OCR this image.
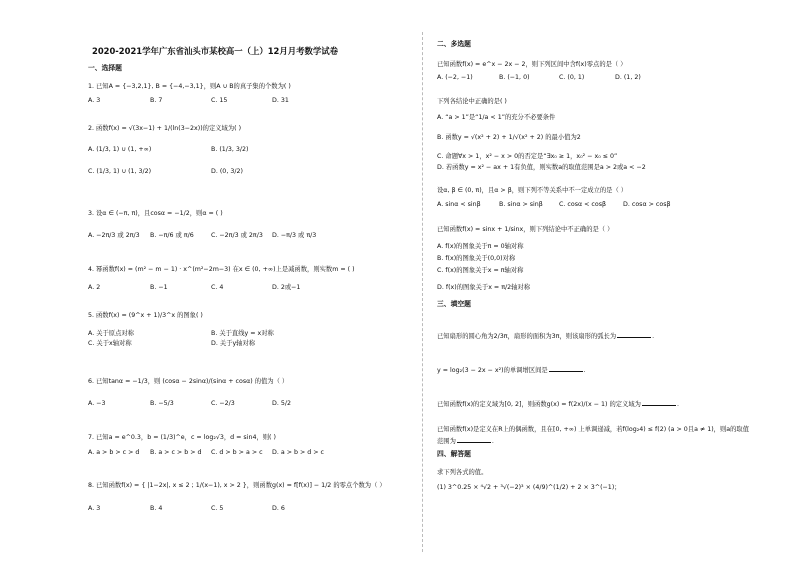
2020-2021学年广东省汕头市某校高一（上）12月月考数学试卷
一、选择题
1. 已知A = {−3,2,1}, B = {−4,−3,1}，则A ∪ B的真子集的个数为( )
A. 3	B. 7	C. 15	D. 31
2. 函数f(x) = √(3x−1) + 1/(ln(3−2x))的定义域为( )
A. (1/3, 1) ∪ (1, +∞)	B. (1/3, 3/2)
C. (1/3, 1) ∪ (1, 3/2)	D. (0, 3/2)
3. 设α ∈ (−π, π)，且cosα = −1/2，则α = ( )
A. −2π/3 或 2π/3 B. −π/6 或 π/6	C. −2π/3 或 2π/3 D. −π/3 或 π/3
4. 幂函数f(x) = (m² − m − 1) · x^(m²−2m−3) 在x ∈ (0, +∞)上是减函数，则实数m = ( )
A. 2	B. −1	C. 4	D. 2或−1
5. 函数f(x) = (9^x + 1)/3^x 的图象( )
A. 关于原点对称	B. 关于直线y = x对称
C. 关于x轴对称	D. 关于y轴对称
6. 已知tanα = −1/3，则 (cosα − 2sinα)/(sinα + cosα) 的值为（ ）
A. −3	B. −5/3	C. −2/3	D. 5/2
7. 已知a = e^0.3，b = (1/3)^e，c = log₂√3，d = sin4，则( )
A. a > b > c > d B. a > c > b > d C. d > b > a > c D. a > b > d > c
8. 已知函数f(x) = { |1−2x|, x ≤ 2 ; 1/(x−1), x > 2 }，则函数g(x) = f[f(x)] − 1/2 的零点个数为（ ）
A. 3	B. 4	C. 5	D. 6
二、多选题
已知函数f(x) = e^x − 2x − 2，则下列区间中含f(x)零点的是（ ）
A. (−2, −1)	B. (−1, 0)	C. (0, 1)	D. (1, 2)
下列各结论中正确的是( )
A. “a > 1”是“1/a < 1”的充分不必要条件
B. 函数y = √(x² + 2) + 1/√(x² + 2) 的最小值为2
C. 命题∀x > 1，x² − x > 0的否定是“∃x₀ ≥ 1，x₀² − x₀ ≤ 0”
D. 若函数y = x² − ax + 1有负值，则实数a的取值范围是a > 2或a < −2
设α, β ∈ (0, π)，且α > β，则下列不等关系中不一定成立的是（ ）
A. sinα < sinβ	B. sinα > sinβ	C. cosα < cosβ	D. cosα > cosβ
已知函数f(x) = sinx + 1/sinx，则下列结论中不正确的是（ ）
A. f(x)的图象关于π = 0轴对称
B. f(x)的图象关于(0,0)对称
C. f(x)的图象关于x = π轴对称
D. f(x)的图象关于x = π/2轴对称
三、填空题
已知扇形的圆心角为2/3π，扇形的面积为3π，则该扇形的弧长为	.
y = log₂(3 − 2x − x²)的单调增区间是	.
已知函数f(x)的定义域为[0, 2]，则函数g(x) = f(2x)/(x − 1) 的定义域为	.
已知函数f(x)是定义在R上的偶函数，且在[0, +∞) 上单调递减，若f(log₂4) ≤ f(2) (a > 0且a ≠ 1)，则a的取值
范围为	.
四、解答题
求下列各式的值。
(1) 3^0.25 × ⁴√2 + ³√(−2)³ × (4/9)^(1/2) + 2 × 3^(−1)；
